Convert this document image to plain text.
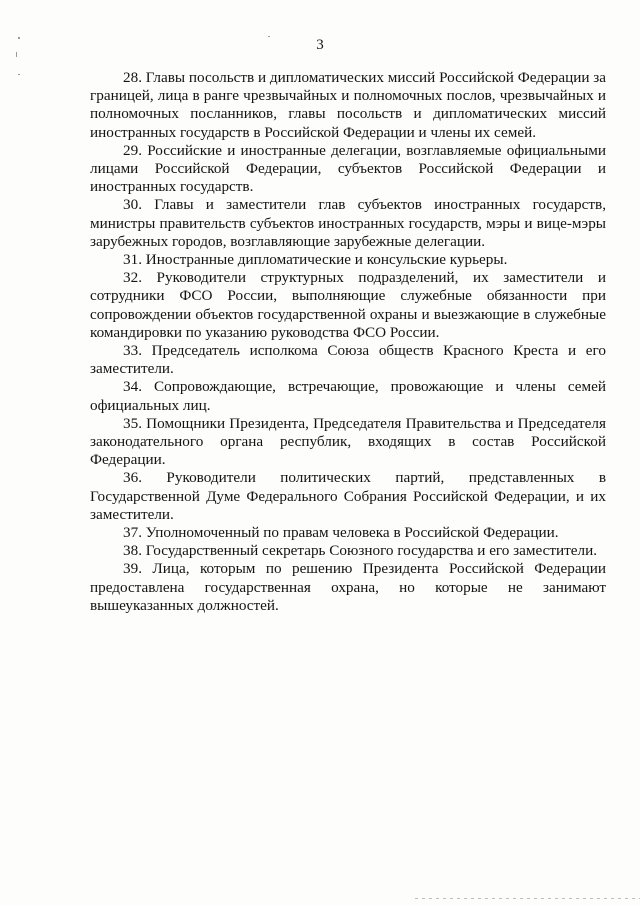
3

28. Главы посольств и дипломатических миссий Российской Федерации за границей, лица в ранге чрезвычайных и полномочных послов, чрезвычайных и полномочных посланников, главы посольств и дипломатических миссий иностранных государств в Российской Федерации и члены их семей.

29. Российские и иностранные делегации, возглавляемые официальными лицами Российской Федерации, субъектов Российской Федерации и иностранных государств.

30. Главы и заместители глав субъектов иностранных государств, министры правительств субъектов иностранных государств, мэры и вице-мэры зарубежных городов, возглавляющие зарубежные делегации.

31. Иностранные дипломатические и консульские курьеры.

32. Руководители структурных подразделений, их заместители и сотрудники ФСО России, выполняющие служебные обязанности при сопровождении объектов государственной охраны и выезжающие в служебные командировки по указанию руководства ФСО России.

33. Председатель исполкома Союза обществ Красного Креста и его заместители.

34. Сопровождающие, встречающие, провожающие и члены семей официальных лиц.

35. Помощники Президента, Председателя Правительства и Председателя законодательного органа республик, входящих в состав Российской Федерации.

36. Руководители политических партий, представленных в Государственной Думе Федерального Собрания Российской Федерации, и их заместители.

37. Уполномоченный по правам человека в Российской Федерации.

38. Государственный секретарь Союзного государства и его заместители.

39. Лица, которым по решению Президента Российской Федерации предоставлена государственная охрана, но которые не занимают вышеуказанных должностей.
